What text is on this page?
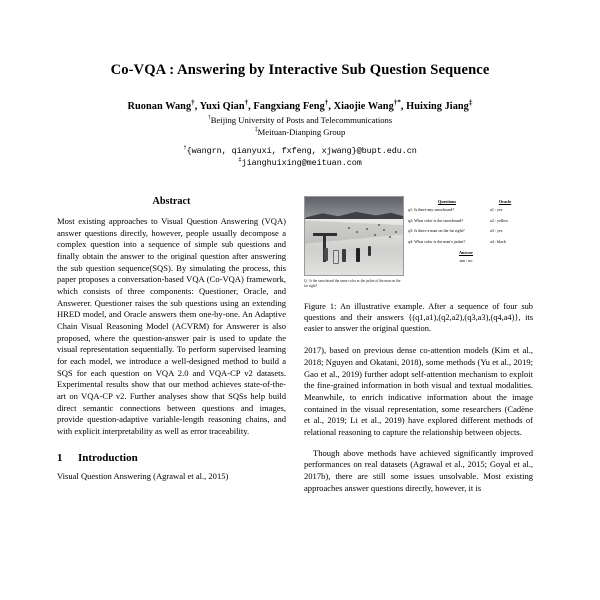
Co-VQA : Answering by Interactive Sub Question Sequence
Ruonan Wang†, Yuxi Qian†, Fangxiang Feng†, Xiaojie Wang†*, Huixing Jiang‡
†Beijing University of Posts and Telecommunications
‡Meituan-Dianping Group
†{wangrn, qianyuxi, fxfeng, xjwang}@bupt.edu.cn
‡jianghuixing@meituan.com
Abstract

Most existing approaches to Visual Question Answering (VQA) answer questions directly, however, people usually decompose a complex question into a sequence of simple sub questions and finally obtain the answer to the original question after answering the sub question sequence(SQS). By simulating the process, this paper proposes a conversation-based VQA (Co-VQA) framework, which consists of three components: Questioner, Oracle, and Answerer. Questioner raises the sub questions using an extending HRED model, and Oracle answers them one-by-one. An Adaptive Chain Visual Reasoning Model (ACVRM) for Answerer is also proposed, where the question-answer pair is used to update the visual representation sequentially. To perform supervised learning for each model, we introduce a well-designed method to build a SQS for each question on VQA 2.0 and VQA-CP v2 datasets. Experimental results show that our method achieves state-of-the-art on VQA-CP v2. Further analyses show that SQSs help build direct semantic connections between questions and images, provide question-adaptive variable-length reasoning chains, and with explicit interpretability as well as error traceability.

1	Introduction

Visual Question Answering (Agrawal et al., 2015)

Q : Is the snowboard the same color as the jacket of the man on the far right?
Questions	Oracle
q1: Is there any snowboard?	a1 : yes
q2: What color is the snowboard?	a2 : yellow
q3: Is there a man on the far right?	a3 : yes
q4: What color is the man's jacket?	a4 : black
Answer
ans : no
Figure 1: An illustrative example. After a sequence of four sub questions and their answers {(q1,a1),(q2,a2),(q3,a3),(q4,a4)}, its easier to answer the original question.

2017), based on previous dense co-attention models (Kim et al., 2018; Nguyen and Okatani, 2018), some methods (Yu et al., 2019; Gao et al., 2019) further adopt self-attention mechanism to exploit the fine-grained information in both visual and textual modalities. Meanwhile, to enrich indicative information about the image contained in the visual representation, some researchers (Cadène et al., 2019; Li et al., 2019) have explored different methods of relational reasoning to capture the relationship between objects.

Though above methods have achieved significantly improved performances on real datasets (Agrawal et al., 2015; Goyal et al., 2017b), there are still some issues unsolvable. Most existing approaches answer questions directly, however, it is
